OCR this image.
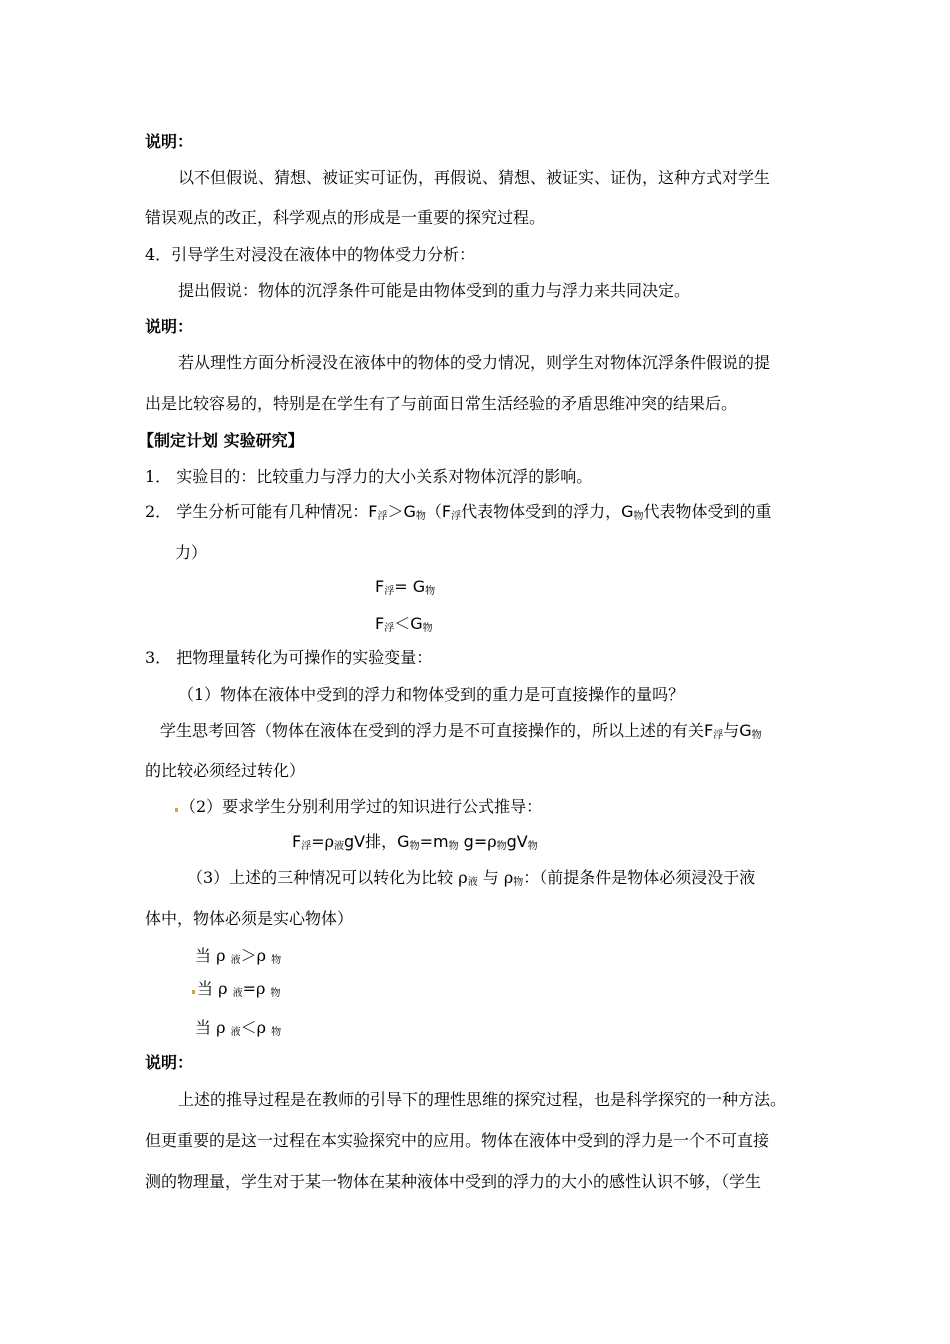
说明：
以不但假说、猜想、被证实可证伪，再假说、猜想、被证实、证伪，这种方式对学生
错误观点的改正，科学观点的形成是一重要的探究过程。
4．引导学生对浸没在液体中的物体受力分析：
提出假说：物体的沉浮条件可能是由物体受到的重力与浮力来共同决定。
说明：
若从理性方面分析浸没在液体中的物体的受力情况，则学生对物体沉浮条件假说的提
出是比较容易的，特别是在学生有了与前面日常生活经验的矛盾思维冲突的结果后。
【制定计划 实验研究】
1． 实验目的：比较重力与浮力的大小关系对物体沉浮的影响。
2． 学生分析可能有几种情况：F浮＞G物（F浮代表物体受到的浮力，G物代表物体受到的重
力）
F浮= G物
F浮＜G物
3． 把物理量转化为可操作的实验变量：
（1）物体在液体中受到的浮力和物体受到的重力是可直接操作的量吗？
学生思考回答（物体在液体在受到的浮力是不可直接操作的，所以上述的有关F浮与G物
的比较必须经过转化）
（2）要求学生分别利用学过的知识进行公式推导：
F浮=ρ液gV排，G物=m物 g=ρ物gV物
（3）上述的三种情况可以转化为比较 ρ液 与 ρ物：（前提条件是物体必须浸没于液
体中，物体必须是实心物体）
当 ρ 液＞ρ 物
当 ρ 液=ρ 物
当 ρ 液＜ρ 物
说明：
上述的推导过程是在教师的引导下的理性思维的探究过程，也是科学探究的一种方法。
但更重要的是这一过程在本实验探究中的应用。物体在液体中受到的浮力是一个不可直接
测的物理量，学生对于某一物体在某种液体中受到的浮力的大小的感性认识不够，（学生
